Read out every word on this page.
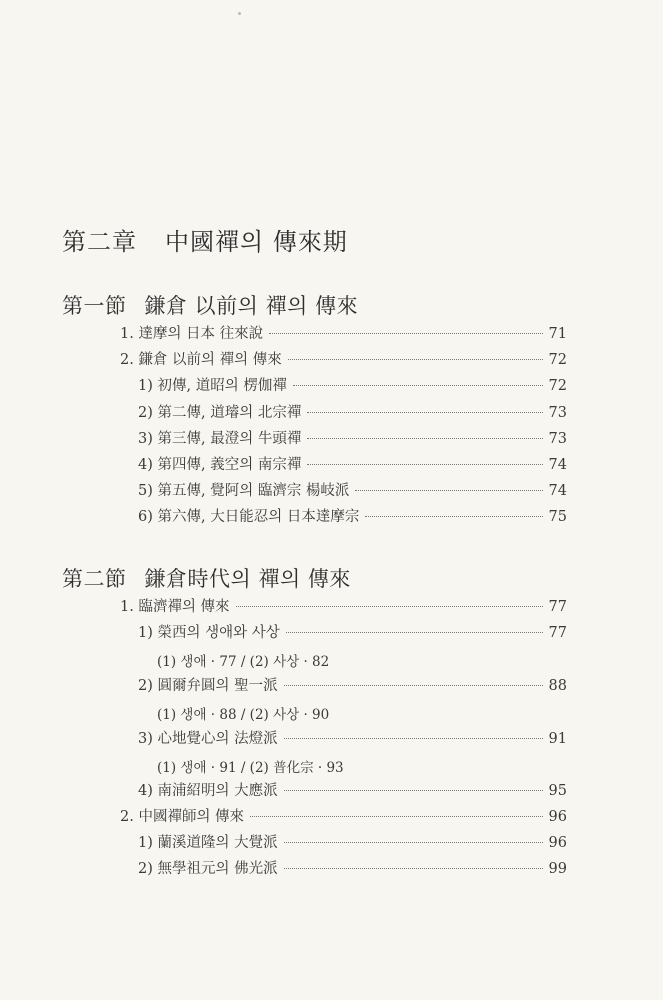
第二章 中國禪의 傳來期
第一節 鎌倉 以前의 禪의 傳來
1. 達摩의 日本 往來說	71
2. 鎌倉 以前의 禪의 傳來	72
1) 初傳, 道昭의 楞伽禪	72
2) 第二傳, 道璿의 北宗禪	73
3) 第三傳, 最澄의 牛頭禪	73
4) 第四傳, 義空의 南宗禪	74
5) 第五傳, 覺阿의 臨濟宗 楊岐派	74
6) 第六傳, 大日能忍의 日本達摩宗	75
第二節 鎌倉時代의 禪의 傳來
1. 臨濟禪의 傳來	77
1) 榮西의 생애와 사상	77
(1) 생애 · 77 / (2) 사상 · 82
2) 圓爾弁圓의 聖一派	88
(1) 생애 · 88 / (2) 사상 · 90
3) 心地覺心의 法燈派	91
(1) 생애 · 91 / (2) 普化宗 · 93
4) 南浦紹明의 大應派	95
2. 中國禪師의 傳來	96
1) 蘭溪道隆의 大覺派	96
2) 無學祖元의 佛光派	99
